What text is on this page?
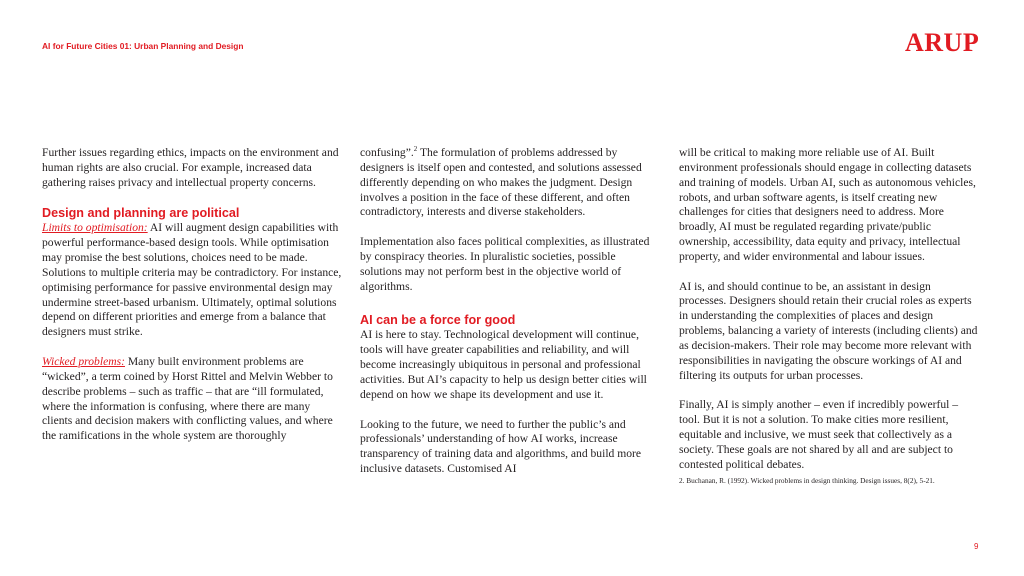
AI for Future Cities 01: Urban Planning and Design	ARUP

Further issues regarding ethics, impacts on the environment and human rights are also crucial. For example, increased data gathering raises privacy and intellectual property concerns.

Design and planning are political

Limits to optimisation: AI will augment design capabilities with powerful performance-based design tools. While optimisation may promise the best solutions, choices need to be made. Solutions to multiple criteria may be contradictory. For instance, optimising performance for passive environmental design may undermine street-based urbanism. Ultimately, optimal solutions depend on different priorities and emerge from a balance that designers must strike.

Wicked problems: Many built environment problems are “wicked”, a term coined by Horst Rittel and Melvin Webber to describe problems – such as traffic – that are “ill formulated, where the information is confusing, where there are many clients and decision makers with conflicting values, and where the ramifications in the whole system are thoroughly

confusing”.$^2$ The formulation of problems addressed by designers is itself open and contested, and solutions assessed differently depending on who makes the judgment. Design involves a position in the face of these different, and often contradictory, interests and diverse stakeholders.

Implementation also faces political complexities, as illustrated by conspiracy theories. In pluralistic societies, possible solutions may not perform best in the objective world of algorithms.

AI can be a force for good

AI is here to stay. Technological development will continue, tools will have greater capabilities and reliability, and will become increasingly ubiquitous in personal and professional activities. But AI’s capacity to help us design better cities will depend on how we shape its development and use it.

Looking to the future, we need to further the public’s and professionals’ understanding of how AI works, increase transparency of training data and algorithms, and build more inclusive datasets. Customised AI

will be critical to making more reliable use of AI. Built environment professionals should engage in collecting datasets and training of models. Urban AI, such as autonomous vehicles, robots, and urban software agents, is itself creating new challenges for cities that designers need to address. More broadly, AI must be regulated regarding private/public ownership, accessibility, data equity and privacy, intellectual property, and wider environmental and labour issues.

AI is, and should continue to be, an assistant in design processes. Designers should retain their crucial roles as experts in understanding the complexities of places and design problems, balancing a variety of interests (including clients) and as decision-makers. Their role may become more relevant with responsibilities in navigating the obscure workings of AI and filtering its outputs for urban processes.

Finally, AI is simply another – even if incredibly powerful – tool. But it is not a solution. To make cities more resilient, equitable and inclusive, we must seek that collectively as a society. These goals are not shared by all and are subject to contested political debates.

2. Buchanan, R. (1992). Wicked problems in design thinking. Design issues, 8(2), 5-21.

9
